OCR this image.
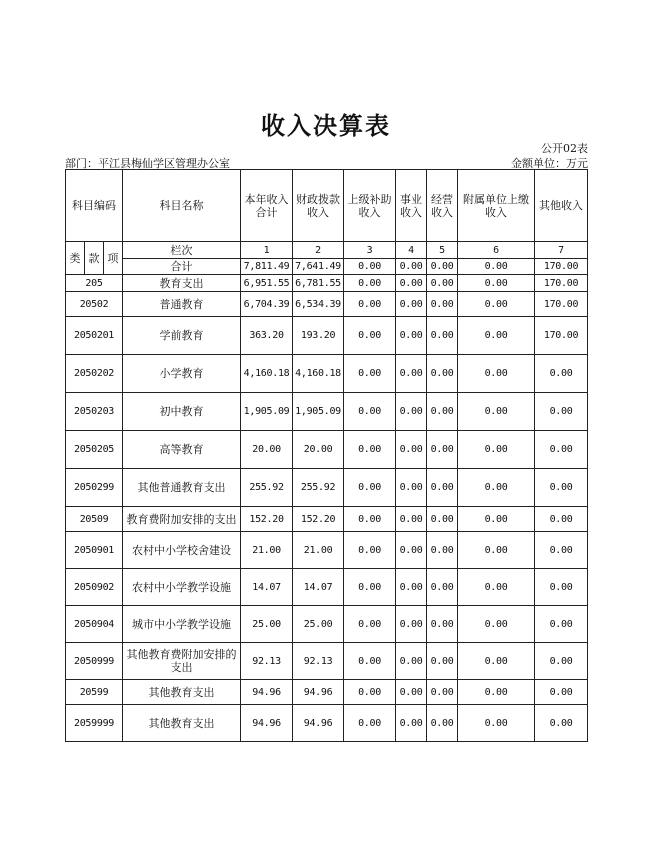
收入决算表
公开02表
部门：平江县梅仙学区管理办公室	金额单位：万元
科目编码			科目名称	本年收入合计	财政拨款收入	上级补助收入	事业收入	经营收入	附属单位上缴收入	其他收入
类	款	项	栏次	1	2	3	4	5	6	7
			合计	7,811.49	7,641.49	0.00	0.00	0.00	0.00	170.00
205			教育支出	6,951.55	6,781.55	0.00	0.00	0.00	0.00	170.00
20502			普通教育	6,704.39	6,534.39	0.00	0.00	0.00	0.00	170.00
2050201			学前教育	363.20	193.20	0.00	0.00	0.00	0.00	170.00
2050202			小学教育	4,160.18	4,160.18	0.00	0.00	0.00	0.00	0.00
2050203			初中教育	1,905.09	1,905.09	0.00	0.00	0.00	0.00	0.00
2050205			高等教育	20.00	20.00	0.00	0.00	0.00	0.00	0.00
2050299			其他普通教育支出	255.92	255.92	0.00	0.00	0.00	0.00	0.00
20509			教育费附加安排的支出	152.20	152.20	0.00	0.00	0.00	0.00	0.00
2050901			农村中小学校舍建设	21.00	21.00	0.00	0.00	0.00	0.00	0.00
2050902			农村中小学教学设施	14.07	14.07	0.00	0.00	0.00	0.00	0.00
2050904			城市中小学教学设施	25.00	25.00	0.00	0.00	0.00	0.00	0.00
2050999			其他教育费附加安排的支出	92.13	92.13	0.00	0.00	0.00	0.00	0.00
20599			其他教育支出	94.96	94.96	0.00	0.00	0.00	0.00	0.00
2059999			其他教育支出	94.96	94.96	0.00	0.00	0.00	0.00	0.00
